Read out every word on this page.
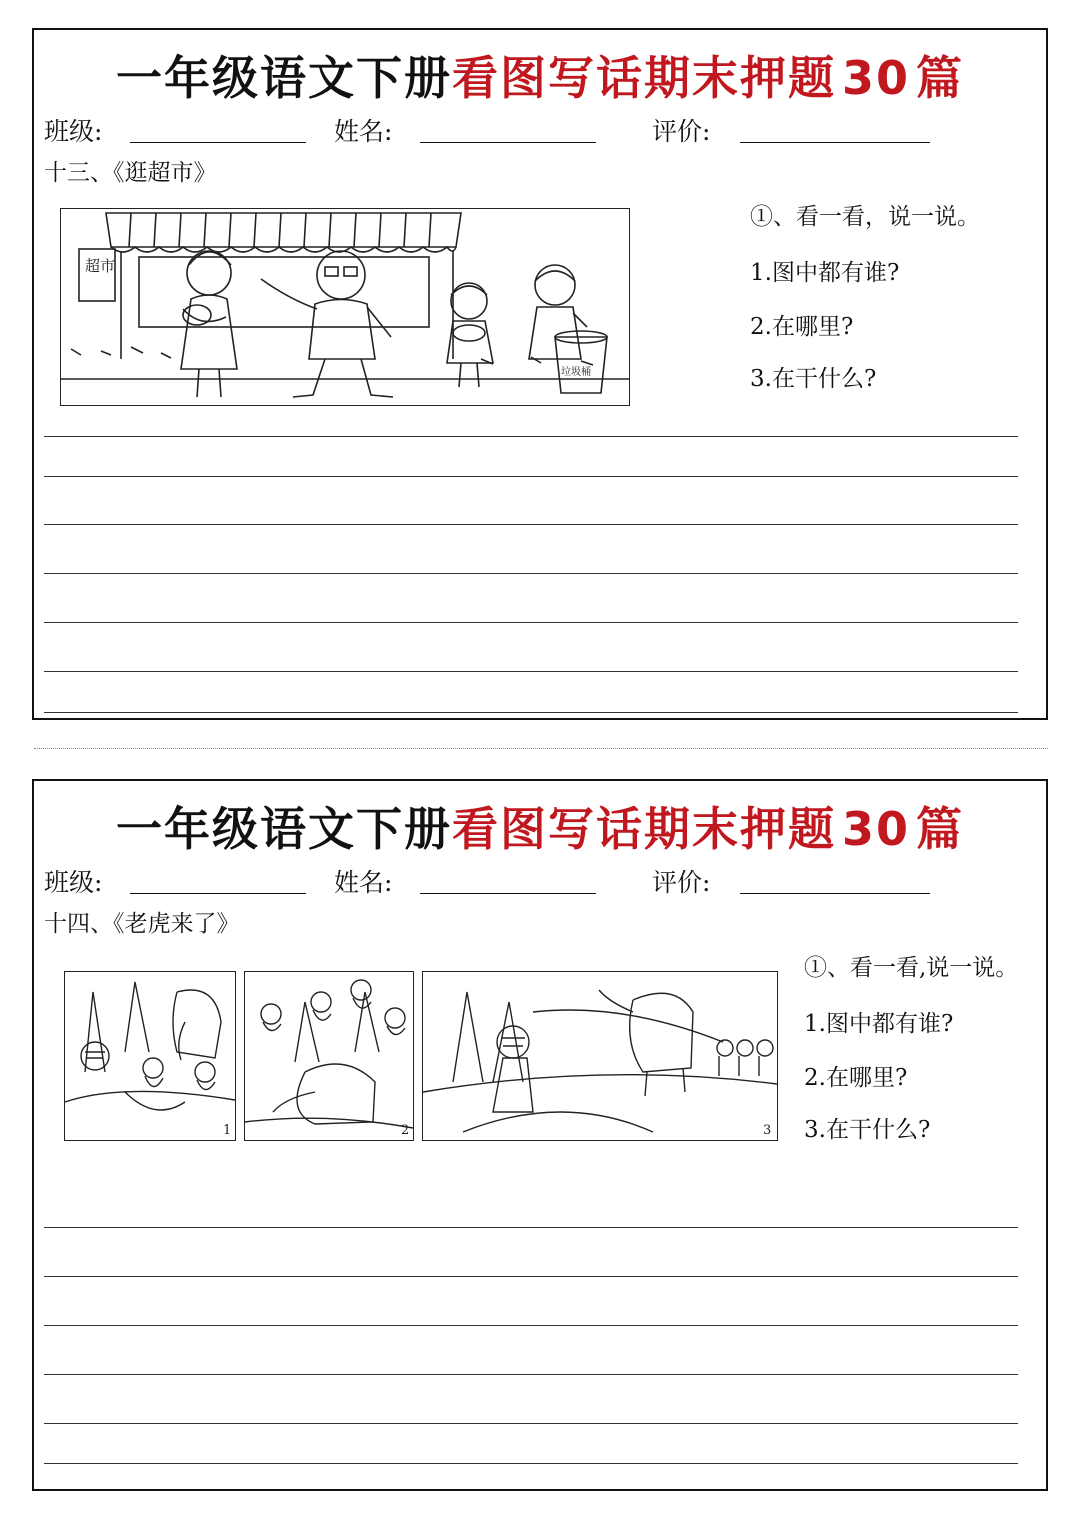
一年级语文下册看图写话期末押题 30 篇
班级:	姓名:	评价:
十三、《逛超市》
超市
垃圾桶
①、看一看，说一说。
1.图中都有谁?
2.在哪里?
3.在干什么?
一年级语文下册看图写话期末押题 30 篇
班级:	姓名:	评价:
十四、《老虎来了》
1	2	3
①、看一看,说一说。
1.图中都有谁?
2.在哪里?
3.在干什么?
